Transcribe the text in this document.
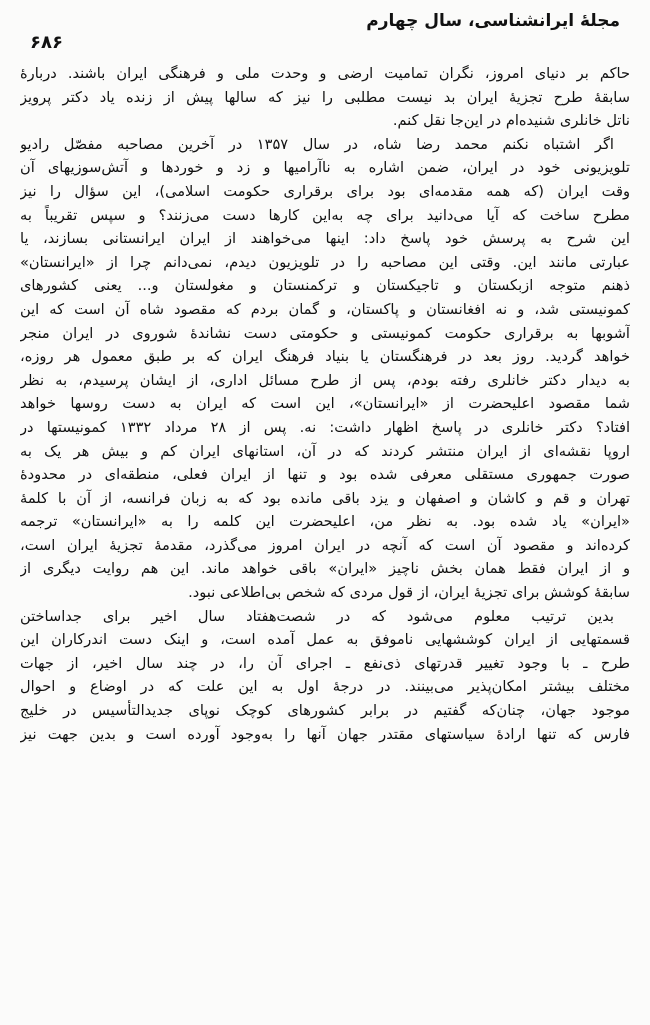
مجلهٔ ایرانشناسی، سال چهارم
۶۸۶
حاکم بر دنیای امروز، نگران تمامیت ارضی و وحدت ملی و فرهنگی ایران باشند. دربارهٔ
سابقهٔ طرح تجزیهٔ ایران بد نیست مطلبی را نیز که سالها پیش از زنده یاد دکتر پرویز
ناتل خانلری شنیده‌ام در این‌جا نقل کنم.
اگر اشتباه نکنم محمد رضا شاه، در سال ۱۳۵۷ در آخرین مصاحبه مفصّل رادیو
تلویزیونی خود در ایران، ضمن اشاره به ناآرامیها و زد و خوردها و آتش‌سوزیهای آن
وقت ایران (که همه مقدمه‌ای بود برای برقراری حکومت اسلامی)، این سؤال را نیز
مطرح ساخت که آیا می‌دانید برای چه به‌این کارها دست می‌زنند؟ و سپس تقریباً به
این شرح به پرسش خود پاسخ داد: اینها می‌خواهند از ایران ایرانستانی بسازند، یا
عبارتی مانند این. وقتی این مصاحبه را در تلویزیون دیدم، نمی‌دانم چرا از «ایرانستان»
ذهنم متوجه ازبکستان و تاجیکستان و ترکمنستان و مغولستان و... یعنی کشورهای
کمونیستی شد، و نه افغانستان و پاکستان، و گمان بردم که مقصود شاه آن است که این
آشوبها به برقراری حکومت کمونیستی و حکومتی دست نشاندهٔ شوروی در ایران منجر
خواهد گردید. روز بعد در فرهنگستان یا بنیاد فرهنگ ایران که بر طبق معمول هر روزه،
به دیدار دکتر خانلری رفته بودم، پس از طرح مسائل اداری، از ایشان پرسیدم، به نظر
شما مقصود اعلیحضرت از «ایرانستان»، این است که ایران به دست روسها خواهد
افتاد؟ دکتر خانلری در پاسخ اظهار داشت: نه. پس از ۲۸ مرداد ۱۳۳۲ کمونیستها در
اروپا نقشه‌ای از ایران منتشر کردند که در آن، استانهای ایران کم و بیش هر یک به
صورت جمهوری مستقلی معرفی شده بود و تنها از ایران فعلی، منطقه‌ای در محدودهٔ
تهران و قم و کاشان و اصفهان و یزد باقی مانده بود که به زبان فرانسه، از آن با کلمهٔ
«ایران» یاد شده بود. به نظر من، اعلیحضرت این کلمه را به «ایرانستان» ترجمه
کرده‌اند و مقصود آن است که آنچه در ایران امروز می‌گذرد، مقدمهٔ تجزیهٔ ایران است،
و از ایران فقط همان بخش ناچیز «ایران» باقی خواهد ماند. این هم روایت دیگری از
سابقهٔ کوشش برای تجزیهٔ ایران، از قول مردی که شخص بی‌اطلاعی نبود.
بدین ترتیب معلوم می‌شود که در شصت‌هفتاد سال اخیر برای جداساختن
قسمتهایی از ایران کوششهایی ناموفق به عمل آمده است، و اینک دست اندرکاران این
طرح ـ با وجود تغییر قدرتهای ذی‌نفع ـ اجرای آن را، در چند سال اخیر، از جهات
مختلف بیشتر امکان‌پذیر می‌بینند. در درجهٔ اول به این علت که در اوضاع و احوال
موجود جهان، چنان‌که گفتیم در برابر کشورهای کوچک نوپای جدیدالتأسیس در خلیج
فارس که تنها ارادهٔ سیاستهای مقتدر جهان آنها را به‌وجود آورده است و بدین جهت نیز
